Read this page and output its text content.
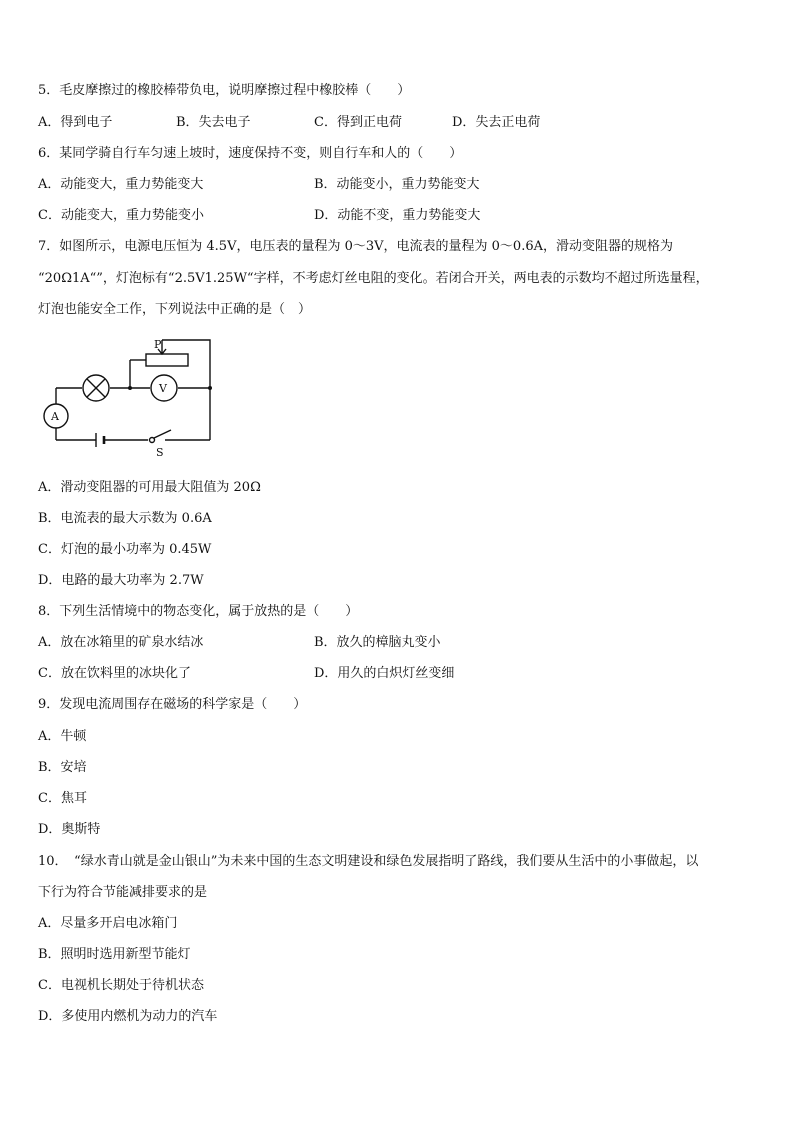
5．毛皮摩擦过的橡胶棒带负电，说明摩擦过程中橡胶棒（　　）
A．得到电子	B．失去电子	C．得到正电荷	D．失去正电荷
6．某同学骑自行车匀速上坡时，速度保持不变，则自行车和人的（　　）
A．动能变大，重力势能变大	B．动能变小，重力势能变大
C．动能变大，重力势能变小	D．动能不变，重力势能变大
7．如图所示，电源电压恒为 4.5V，电压表的量程为 0～3V，电流表的量程为 0～0.6A，滑动变阻器的规格为
“20Ω1A“”，灯泡标有“2.5V1.25W“字样，不考虑灯丝电阻的变化。若闭合开关，两电表的示数均不超过所选量程，
灯泡也能安全工作，下列说法中正确的是（　）
P
V
A
S
A．滑动变阻器的可用最大阻值为 20Ω
B．电流表的最大示数为 0.6A
C．灯泡的最小功率为 0.45W
D．电路的最大功率为 2.7W
8．下列生活情境中的物态变化，属于放热的是（　　）
A．放在冰箱里的矿泉水结冰	B．放久的樟脑丸变小
C．放在饮料里的冰块化了	D．用久的白炽灯丝变细
9．发现电流周围存在磁场的科学家是（　　）
A．牛顿
B．安培
C．焦耳
D．奥斯特
10．　“绿水青山就是金山银山”为未来中国的生态文明建设和绿色发展指明了路线，我们要从生活中的小事做起，以
下行为符合节能减排要求的是
A．尽量多开启电冰箱门
B．照明时选用新型节能灯
C．电视机长期处于待机状态
D．多使用内燃机为动力的汽车
